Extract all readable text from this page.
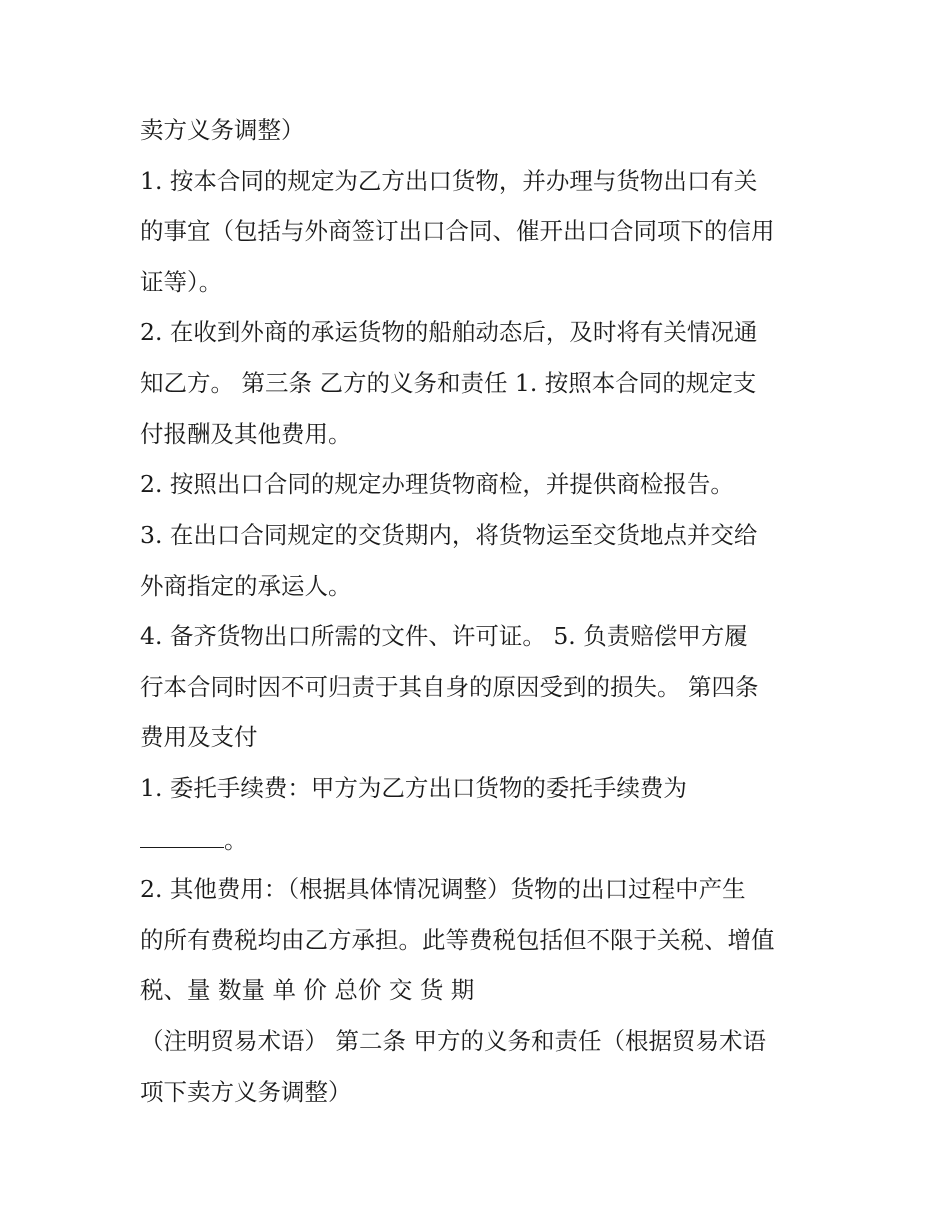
卖方义务调整）
1. 按本合同的规定为乙方出口货物，并办理与货物出口有关
的事宜（包括与外商签订出口合同、催开出口合同项下的信用
证等）。
2. 在收到外商的承运货物的船舶动态后，及时将有关情况通
知乙方。 第三条 乙方的义务和责任 1. 按照本合同的规定支
付报酬及其他费用。
2. 按照出口合同的规定办理货物商检，并提供商检报告。
3. 在出口合同规定的交货期内，将货物运至交货地点并交给
外商指定的承运人。
4. 备齐货物出口所需的文件、许可证。 5. 负责赔偿甲方履
行本合同时因不可归责于其自身的原因受到的损失。 第四条
费用及支付
1. 委托手续费：甲方为乙方出口货物的委托手续费为
。
2. 其他费用：（根据具体情况调整）货物的出口过程中产生
的所有费税均由乙方承担。此等费税包括但不限于关税、增值
税、量 数量 单 价 总价 交 货 期
（注明贸易术语） 第二条 甲方的义务和责任（根据贸易术语
项下卖方义务调整）
